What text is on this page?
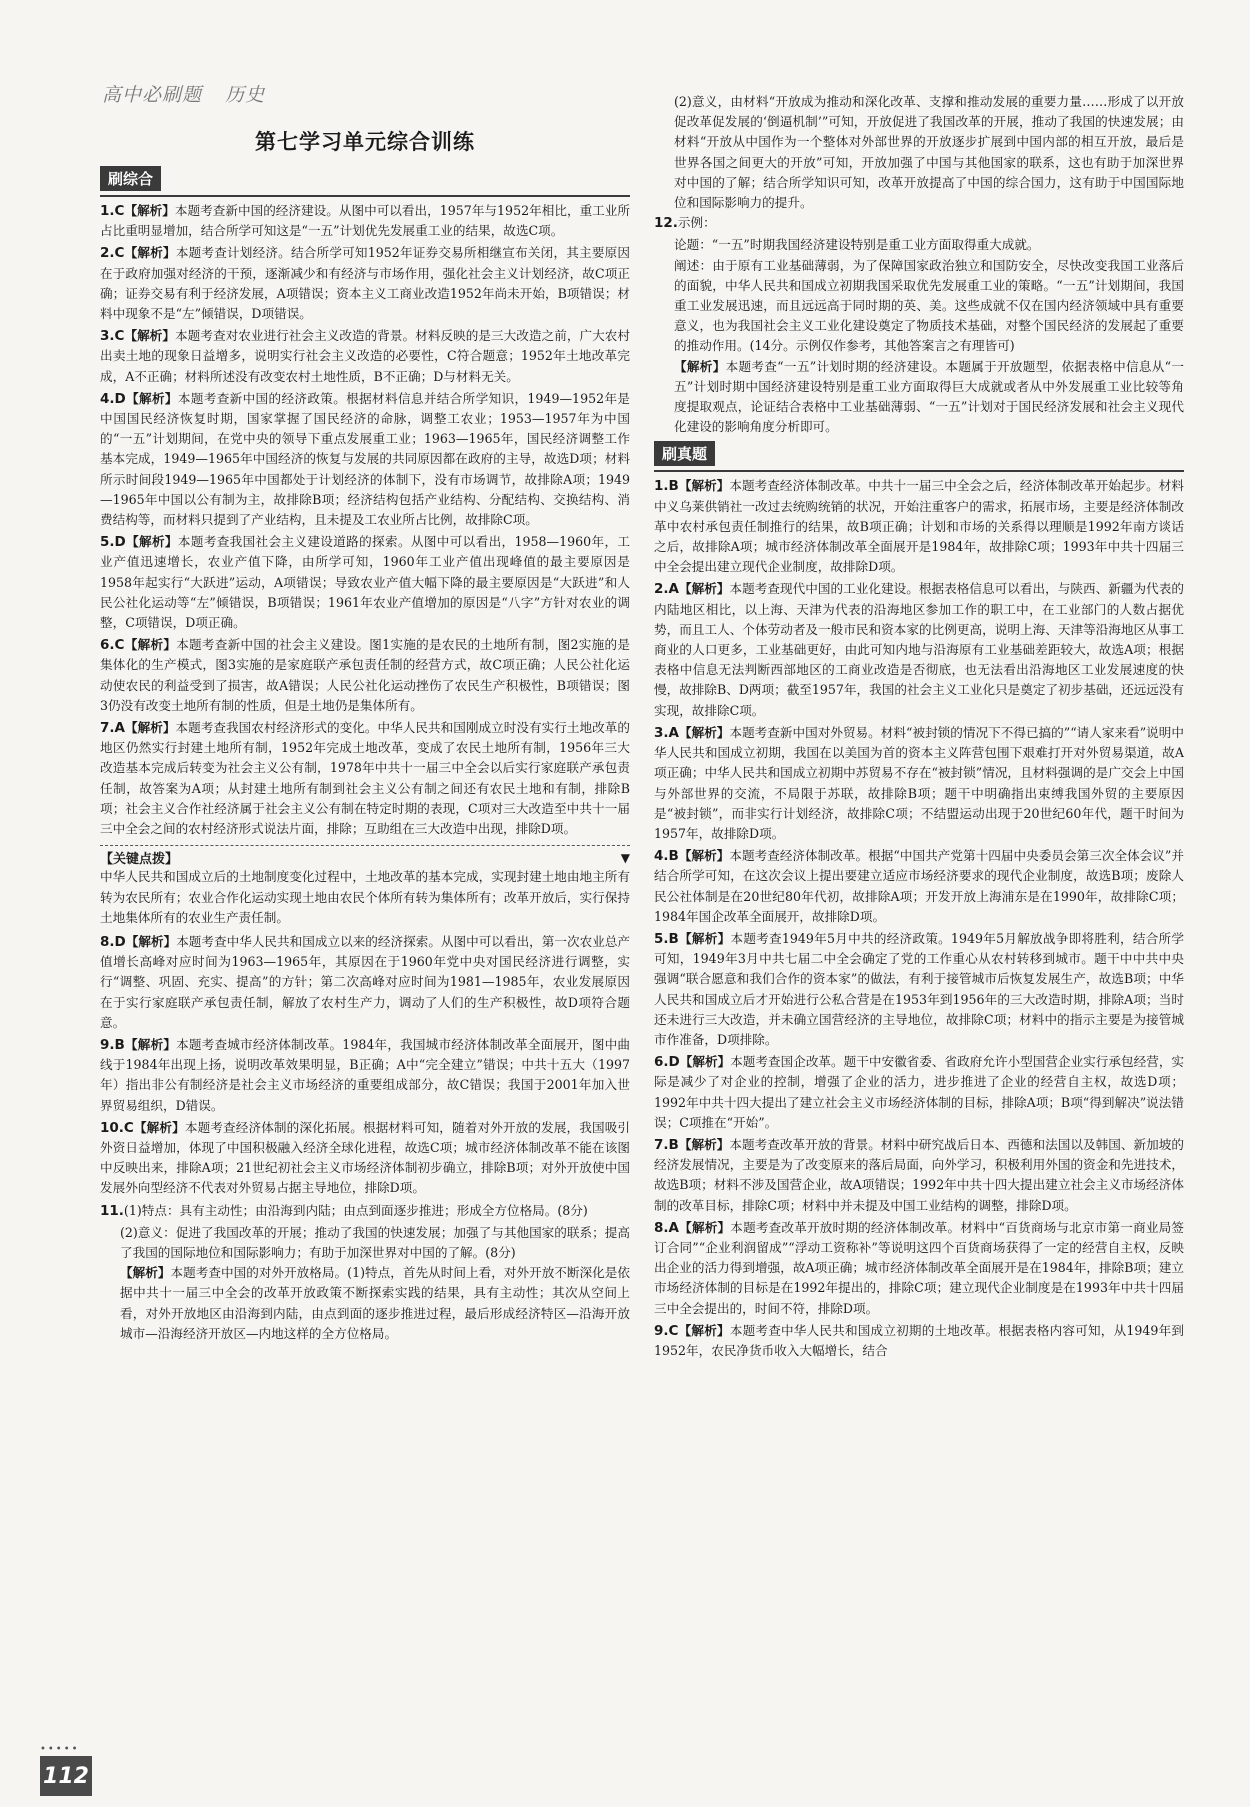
高中必刷题 历史
第七学习单元综合训练
刷综合
1.C【解析】本题考查新中国的经济建设。从图中可以看出，1957年与1952年相比，重工业所占比重明显增加，结合所学可知这是“一五”计划优先发展重工业的结果，故选C项。
2.C【解析】本题考查计划经济。结合所学可知1952年证券交易所相继宣布关闭，其主要原因在于政府加强对经济的干预，逐渐减少和有经济与市场作用，强化社会主义计划经济，故C项正确；证券交易有利于经济发展，A项错误；资本主义工商业改造1952年尚未开始，B项错误；材料中现象不是“左”倾错误，D项错误。
3.C【解析】本题考查对农业进行社会主义改造的背景。材料反映的是三大改造之前，广大农村出卖土地的现象日益增多，说明实行社会主义改造的必要性，C符合题意；1952年土地改革完成，A不正确；材料所述没有改变农村土地性质，B不正确；D与材料无关。
4.D【解析】本题考查新中国的经济政策。根据材料信息并结合所学知识，1949—1952年是中国国民经济恢复时期，国家掌握了国民经济的命脉，调整工农业；1953—1957年为中国的“一五”计划期间，在党中央的领导下重点发展重工业；1963—1965年，国民经济调整工作基本完成，1949—1965年中国经济的恢复与发展的共同原因都在政府的主导，故选D项；材料所示时间段1949—1965年中国都处于计划经济的体制下，没有市场调节，故排除A项；1949—1965年中国以公有制为主，故排除B项；经济结构包括产业结构、分配结构、交换结构、消费结构等，而材料只提到了产业结构，且未提及工农业所占比例，故排除C项。
5.D【解析】本题考查我国社会主义建设道路的探索。从图中可以看出，1958—1960年，工业产值迅速增长，农业产值下降，由所学可知，1960年工业产值出现峰值的最主要原因是1958年起实行“大跃进”运动，A项错误；导致农业产值大幅下降的最主要原因是“大跃进”和人民公社化运动等“左”倾错误，B项错误；1961年农业产值增加的原因是“八字”方针对农业的调整，C项错误，D项正确。
6.C【解析】本题考查新中国的社会主义建设。图1实施的是农民的土地所有制，图2实施的是集体化的生产模式，图3实施的是家庭联产承包责任制的经营方式，故C项正确；人民公社化运动使农民的利益受到了损害，故A错误；人民公社化运动挫伤了农民生产积极性，B项错误；图3仍没有改变土地所有制的性质，但是土地仍是集体所有。
7.A【解析】本题考查我国农村经济形式的变化。中华人民共和国刚成立时没有实行土地改革的地区仍然实行封建土地所有制，1952年完成土地改革，变成了农民土地所有制，1956年三大改造基本完成后转变为社会主义公有制，1978年中共十一届三中全会以后实行家庭联产承包责任制，故答案为A项；从封建土地所有制到社会主义公有制之间还有农民土地和有制，排除B项；社会主义合作社经济属于社会主义公有制在特定时期的表现，C项对三大改造至中共十一届三中全会之间的农村经济形式说法片面，排除；互助组在三大改造中出现，排除D项。
【关键点拨】	▼
中华人民共和国成立后的土地制度变化过程中，土地改革的基本完成，实现封建土地由地主所有转为农民所有；农业合作化运动实现土地由农民个体所有转为集体所有；改革开放后，实行保持土地集体所有的农业生产责任制。
8.D【解析】本题考查中华人民共和国成立以来的经济探索。从图中可以看出，第一次农业总产值增长高峰对应时间为1963—1965年，其原因在于1960年党中央对国民经济进行调整，实行“调整、巩固、充实、提高”的方针；第二次高峰对应时间为1981—1985年，农业发展原因在于实行家庭联产承包责任制，解放了农村生产力，调动了人们的生产积极性，故D项符合题意。
9.B【解析】本题考查城市经济体制改革。1984年，我国城市经济体制改革全面展开，图中曲线于1984年出现上扬，说明改革效果明显，B正确；A中“完全建立”错误；中共十五大（1997年）指出非公有制经济是社会主义市场经济的重要组成部分，故C错误；我国于2001年加入世界贸易组织，D错误。
10.C【解析】本题考查经济体制的深化拓展。根据材料可知，随着对外开放的发展，我国吸引外资日益增加，体现了中国积极融入经济全球化进程，故选C项；城市经济体制改革不能在该图中反映出来，排除A项；21世纪初社会主义市场经济体制初步确立，排除B项；对外开放使中国发展外向型经济不代表对外贸易占据主导地位，排除D项。
11.(1)特点：具有主动性；由沿海到内陆；由点到面逐步推进；形成全方位格局。(8分)
(2)意义：促进了我国改革的开展；推动了我国的快速发展；加强了与其他国家的联系；提高了我国的国际地位和国际影响力；有助于加深世界对中国的了解。(8分)
【解析】本题考查中国的对外开放格局。(1)特点，首先从时间上看，对外开放不断深化是依据中共十一届三中全会的改革开放政策不断探索实践的结果，具有主动性；其次从空间上看，对外开放地区由沿海到内陆，由点到面的逐步推进过程，最后形成经济特区—沿海开放城市—沿海经济开放区—内地这样的全方位格局。
(2)意义，由材料“开放成为推动和深化改革、支撑和推动发展的重要力量……形成了以开放促改革促发展的‘倒逼机制’”可知，开放促进了我国改革的开展，推动了我国的快速发展；由材料“开放从中国作为一个整体对外部世界的开放逐步扩展到中国内部的相互开放，最后是世界各国之间更大的开放”可知，开放加强了中国与其他国家的联系，这也有助于加深世界对中国的了解；结合所学知识可知，改革开放提高了中国的综合国力，这有助于中国国际地位和国际影响力的提升。
12.示例：
论题：“一五”时期我国经济建设特别是重工业方面取得重大成就。
阐述：由于原有工业基础薄弱，为了保障国家政治独立和国防安全，尽快改变我国工业落后的面貌，中华人民共和国成立初期我国采取优先发展重工业的策略。“一五”计划期间，我国重工业发展迅速，而且远远高于同时期的英、美。这些成就不仅在国内经济领域中具有重要意义，也为我国社会主义工业化建设奠定了物质技术基础，对整个国民经济的发展起了重要的推动作用。(14分。示例仅作参考，其他答案言之有理皆可)
【解析】本题考查“一五”计划时期的经济建设。本题属于开放题型，依据表格中信息从“一五”计划时期中国经济建设特别是重工业方面取得巨大成就或者从中外发展重工业比较等角度提取观点，论证结合表格中工业基础薄弱、“一五”计划对于国民经济发展和社会主义现代化建设的影响角度分析即可。
刷真题
1.B【解析】本题考查经济体制改革。中共十一届三中全会之后，经济体制改革开始起步。材料中义乌莱供销社一改过去统购统销的状况，开始注重客户的需求，拓展市场，主要是经济体制改革中农村承包责任制推行的结果，故B项正确；计划和市场的关系得以理顺是1992年南方谈话之后，故排除A项；城市经济体制改革全面展开是1984年，故排除C项；1993年中共十四届三中全会提出建立现代企业制度，故排除D项。
2.A【解析】本题考查现代中国的工业化建设。根据表格信息可以看出，与陕西、新疆为代表的内陆地区相比，以上海、天津为代表的沿海地区参加工作的职工中，在工业部门的人数占据优势，而且工人、个体劳动者及一般市民和资本家的比例更高，说明上海、天津等沿海地区从事工商业的人口更多，工业基础更好，由此可知内地与沿海原有工业基础差距较大，故选A项；根据表格中信息无法判断西部地区的工商业改造是否彻底，也无法看出沿海地区工业发展速度的快慢，故排除B、D两项；截至1957年，我国的社会主义工业化只是奠定了初步基础，还远远没有实现，故排除C项。
3.A【解析】本题考查新中国对外贸易。材料“被封锁的情况下不得已搞的”“请人家来看”说明中华人民共和国成立初期，我国在以美国为首的资本主义阵营包围下艰难打开对外贸易渠道，故A项正确；中华人民共和国成立初期中苏贸易不存在“被封锁”情况，且材料强调的是广交会上中国与外部世界的交流，不局限于苏联，故排除B项；题干中明确指出束缚我国外贸的主要原因是“被封锁”，而非实行计划经济，故排除C项；不结盟运动出现于20世纪60年代，题干时间为1957年，故排除D项。
4.B【解析】本题考查经济体制改革。根据“中国共产党第十四届中央委员会第三次全体会议”并结合所学可知，在这次会议上提出要建立适应市场经济要求的现代企业制度，故选B项；废除人民公社体制是在20世纪80年代初，故排除A项；开发开放上海浦东是在1990年，故排除C项；1984年国企改革全面展开，故排除D项。
5.B【解析】本题考查1949年5月中共的经济政策。1949年5月解放战争即将胜利，结合所学可知，1949年3月中共七届二中全会确定了党的工作重心从农村转移到城市。题干中中共中央强调“联合愿意和我们合作的资本家”的做法，有利于接管城市后恢复发展生产，故选B项；中华人民共和国成立后才开始进行公私合营是在1953年到1956年的三大改造时期，排除A项；当时还未进行三大改造，并未确立国营经济的主导地位，故排除C项；材料中的指示主要是为接管城市作准备，D项排除。
6.D【解析】本题考查国企改革。题干中安徽省委、省政府允许小型国营企业实行承包经营，实际是减少了对企业的控制，增强了企业的活力，进步推进了企业的经营自主权，故选D项；1992年中共十四大提出了建立社会主义市场经济体制的目标，排除A项；B项“得到解决”说法错误；C项推在“开始”。
7.B【解析】本题考查改革开放的背景。材料中研究战后日本、西德和法国以及韩国、新加坡的经济发展情况，主要是为了改变原来的落后局面，向外学习，积极利用外国的资金和先进技术，故选B项；材料不涉及国营企业，故A项错误；1992年中共十四大提出建立社会主义市场经济体制的改革目标，排除C项；材料中并未提及中国工业结构的调整，排除D项。
8.A【解析】本题考查改革开放时期的经济体制改革。材料中“百货商场与北京市第一商业局签订合同”“企业利润留成”“浮动工资称补”等说明这四个百货商场获得了一定的经营自主权，反映出企业的活力得到增强，故A项正确；城市经济体制改革全面展开是在1984年，排除B项；建立市场经济体制的目标是在1992年提出的，排除C项；建立现代企业制度是在1993年中共十四届三中全会提出的，时间不符，排除D项。
9.C【解析】本题考查中华人民共和国成立初期的土地改革。根据表格内容可知，从1949年到1952年，农民净货币收入大幅增长，结合
•••••
112
